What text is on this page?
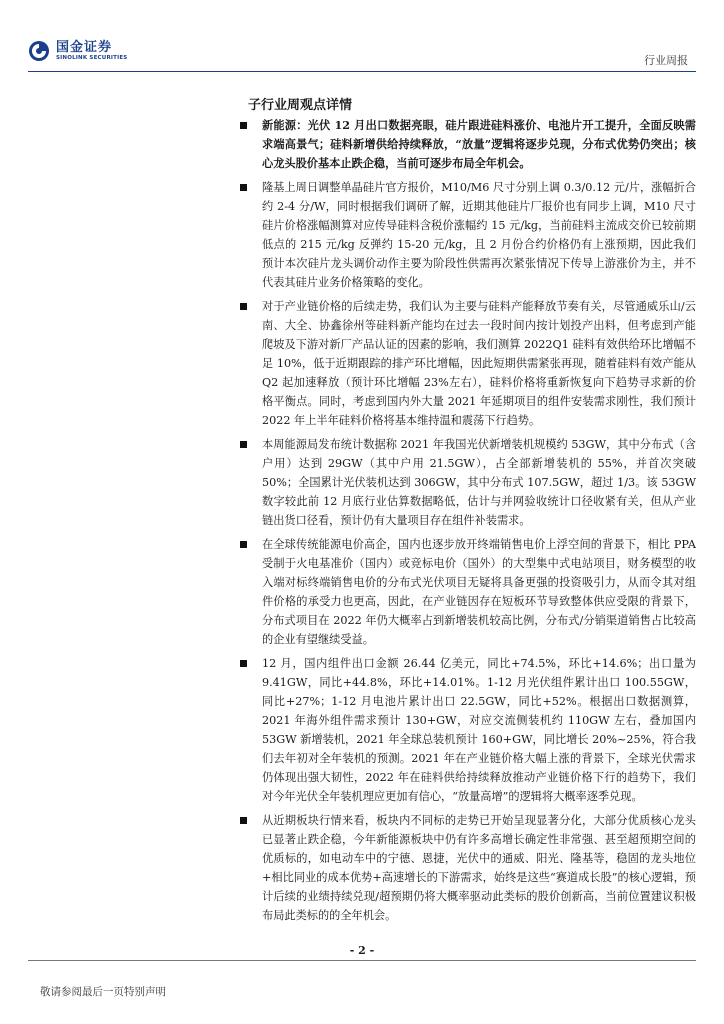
国金证券
SINOLINK SECURITIES	行业周报
子行业周观点详情
新能源：光伏 12 月出口数据亮眼，硅片跟进硅料涨价、电池片开工提升，全面反映需求端高景气；硅料新增供给持续释放，“放量”逻辑将逐步兑现，分布式优势仍突出；核心龙头股价基本止跌企稳，当前可逐步布局全年机会。
隆基上周日调整单晶硅片官方报价，M10/M6 尺寸分别上调 0.3/0.12 元/片，涨幅折合约 2-4 分/W，同时根据我们调研了解，近期其他硅片厂报价也有同步上调，M10 尺寸硅片价格涨幅测算对应传导硅料含税价涨幅约 15 元/kg，当前硅料主流成交价已较前期低点的 215 元/kg 反弹约 15-20 元/kg，且 2 月份合约价格仍有上涨预期，因此我们预计本次硅片龙头调价动作主要为阶段性供需再次紧张情况下传导上游涨价为主，并不代表其硅片业务价格策略的变化。
对于产业链价格的后续走势，我们认为主要与硅料产能释放节奏有关，尽管通威乐山/云南、大全、协鑫徐州等硅料新产能均在过去一段时间内按计划投产出料，但考虑到产能爬坡及下游对新厂产品认证的因素的影响，我们测算 2022Q1 硅料有效供给环比增幅不足 10%，低于近期跟踪的排产环比增幅，因此短期供需紧张再现，随着硅料有效产能从 Q2 起加速释放（预计环比增幅 23%左右），硅料价格将重新恢复向下趋势寻求新的价格平衡点。同时，考虑到国内外大量 2021 年延期项目的组件安装需求刚性，我们预计 2022 年上半年硅料价格将基本维持温和震荡下行趋势。
本周能源局发布统计数据称 2021 年我国光伏新增装机规模约 53GW，其中分布式（含户用）达到 29GW（其中户用 21.5GW），占全部新增装机的 55%，并首次突破 50%；全国累计光伏装机达到 306GW，其中分布式 107.5GW，超过 1/3。该 53GW 数字较此前 12 月底行业估算数据略低，估计与并网验收统计口径收紧有关，但从产业链出货口径看，预计仍有大量项目存在组件补装需求。
在全球传统能源电价高企，国内也逐步放开终端销售电价上浮空间的背景下，相比 PPA 受制于火电基准价（国内）或竞标电价（国外）的大型集中式电站项目，财务模型的收入端对标终端销售电价的分布式光伏项目无疑将具备更强的投资吸引力，从而令其对组件价格的承受力也更高，因此，在产业链因存在短板环节导致整体供应受限的背景下，分布式项目在 2022 年仍大概率占到新增装机较高比例，分布式/分销渠道销售占比较高的企业有望继续受益。
12 月，国内组件出口金额 26.44 亿美元，同比+74.5%，环比+14.6%；出口量为 9.41GW，同比+44.8%，环比+14.01%。1-12 月光伏组件累计出口 100.55GW，同比+27%；1-12 月电池片累计出口 22.5GW，同比+52%。根据出口数据测算，2021 年海外组件需求预计 130+GW，对应交流侧装机约 110GW 左右，叠加国内 53GW 新增装机，2021 年全球总装机预计 160+GW，同比增长 20%~25%，符合我们去年初对全年装机的预测。2021 年在产业链价格大幅上涨的背景下，全球光伏需求仍体现出强大韧性，2022 年在硅料供给持续释放推动产业链价格下行的趋势下，我们对今年光伏全年装机理应更加有信心，“放量高增”的逻辑将大概率逐季兑现。
从近期板块行情来看，板块内不同标的走势已开始呈现显著分化，大部分优质核心龙头已显著止跌企稳，今年新能源板块中仍有许多高增长确定性非常强、甚至超预期空间的优质标的，如电动车中的宁德、恩捷，光伏中的通威、阳光、隆基等，稳固的龙头地位+相比同业的成本优势+高速增长的下游需求，始终是这些“赛道成长股”的核心逻辑，预计后续的业绩持续兑现/超预期仍将大概率驱动此类标的股价创新高，当前位置建议积极布局此类标的的全年机会。
- 2 -
敬请参阅最后一页特别声明
